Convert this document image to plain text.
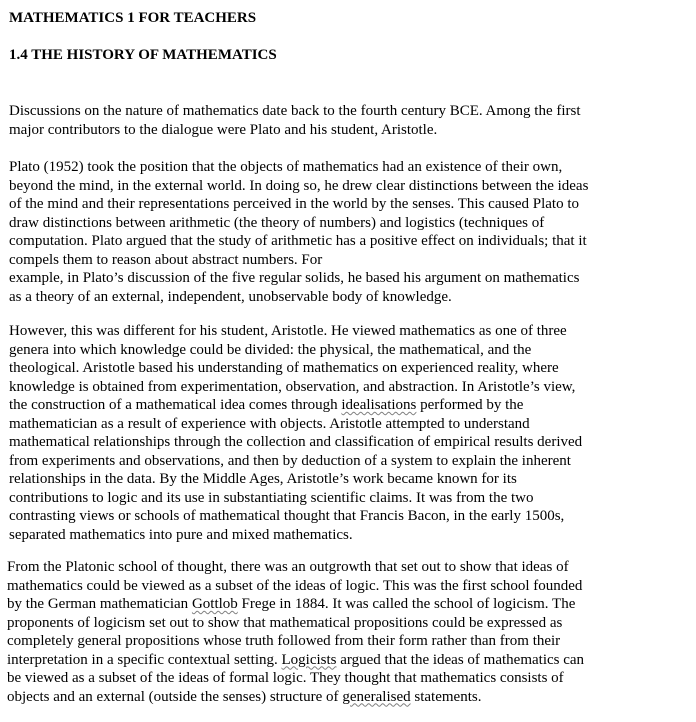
MATHEMATICS 1 FOR TEACHERS
1.4 THE HISTORY OF MATHEMATICS

Discussions on the nature of mathematics date back to the fourth century BCE. Among the first
major contributors to the dialogue were Plato and his student, Aristotle.

Plato (1952) took the position that the objects of mathematics had an existence of their own,
beyond the mind, in the external world. In doing so, he drew clear distinctions between the ideas
of the mind and their representations perceived in the world by the senses. This caused Plato to
draw distinctions between arithmetic (the theory of numbers) and logistics (techniques of
computation. Plato argued that the study of arithmetic has a positive effect on individuals; that it
compels them to reason about abstract numbers. For
example, in Plato’s discussion of the five regular solids, he based his argument on mathematics
as a theory of an external, independent, unobservable body of knowledge.

However, this was different for his student, Aristotle. He viewed mathematics as one of three
genera into which knowledge could be divided: the physical, the mathematical, and the
theological. Aristotle based his understanding of mathematics on experienced reality, where
knowledge is obtained from experimentation, observation, and abstraction. In Aristotle’s view,
the construction of a mathematical idea comes through idealisations performed by the
mathematician as a result of experience with objects. Aristotle attempted to understand
mathematical relationships through the collection and classification of empirical results derived
from experiments and observations, and then by deduction of a system to explain the inherent
relationships in the data. By the Middle Ages, Aristotle’s work became known for its
contributions to logic and its use in substantiating scientific claims. It was from the two
contrasting views or schools of mathematical thought that Francis Bacon, in the early 1500s,
separated mathematics into pure and mixed mathematics.

From the Platonic school of thought, there was an outgrowth that set out to show that ideas of
mathematics could be viewed as a subset of the ideas of logic. This was the first school founded
by the German mathematician Gottlob Frege in 1884. It was called the school of logicism. The
proponents of logicism set out to show that mathematical propositions could be expressed as
completely general propositions whose truth followed from their form rather than from their
interpretation in a specific contextual setting. Logicists argued that the ideas of mathematics can
be viewed as a subset of the ideas of formal logic. They thought that mathematics consists of
objects and an external (outside the senses) structure of generalised statements.
